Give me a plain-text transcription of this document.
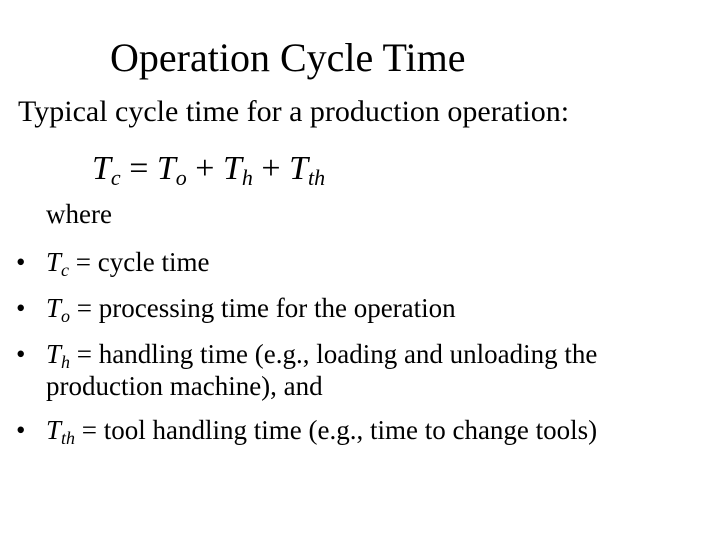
Operation Cycle Time
Typical cycle time for a production operation:
$T_c = T_o + T_h + T_{th}$
where
• $T_c$ = cycle time
• $T_o$ = processing time for the operation
• $T_h$ = handling time (e.g., loading and unloading the
production machine), and
• $T_{th}$ = tool handling time (e.g., time to change tools)
